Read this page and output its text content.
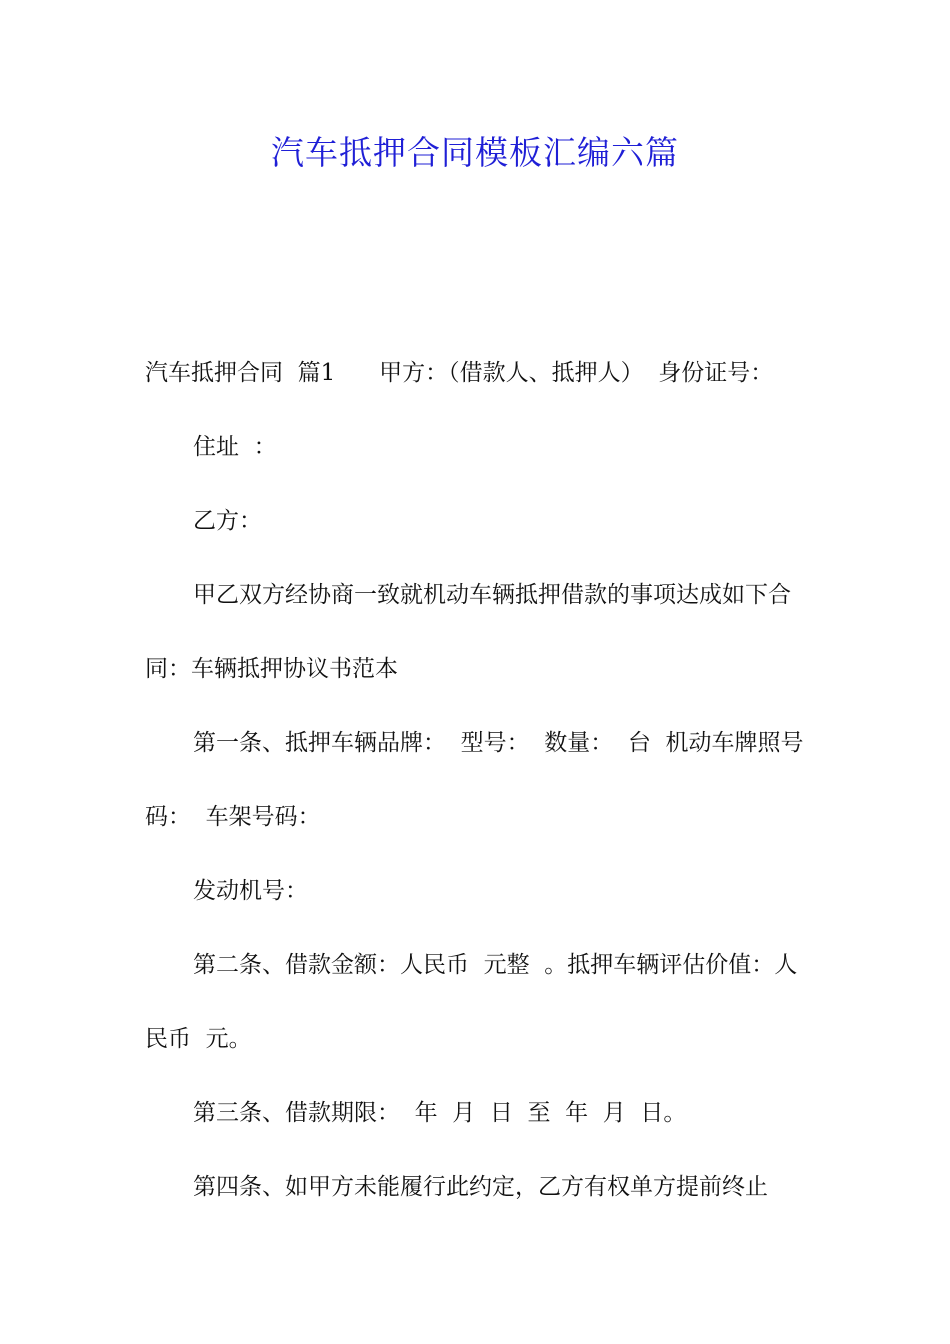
汽车抵押合同模板汇编六篇

汽车抵押合同  篇1      甲方：（借款人、抵押人）  身份证号：

住址  ：

乙方：

甲乙双方经协商一致就机动车辆抵押借款的事项达成如下合同：车辆抵押协议书范本

第一条、抵押车辆品牌：  型号：  数量：  台  机动车牌照号码：  车架号码：

发动机号：

第二条、借款金额：人民币  元整  。抵押车辆评估价值：人民币  元。

第三条、借款期限：  年  月  日  至  年  月  日。

第四条、如甲方未能履行此约定，乙方有权单方提前终止
